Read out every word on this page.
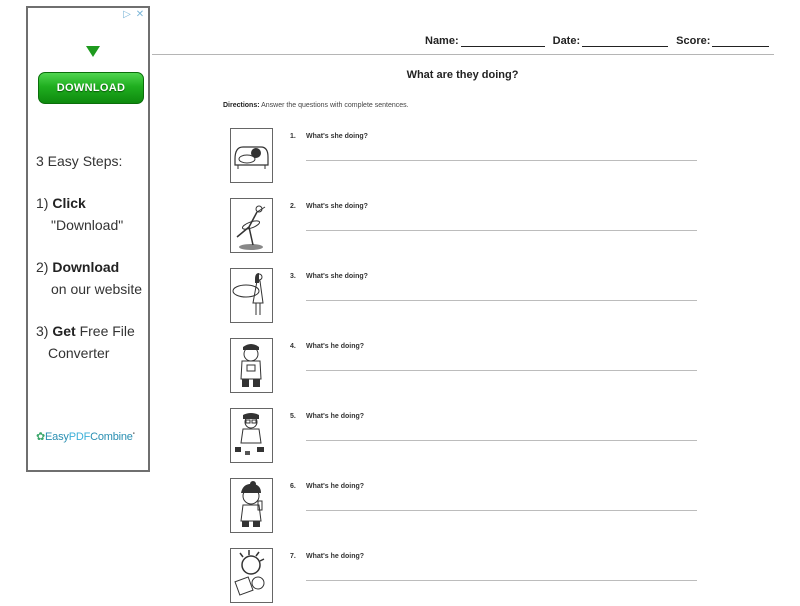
▷ ✕
DOWNLOAD
3 Easy Steps:
1) Click
"Download"
2) Download
on our website
3) Get Free File
Converter
✿EasyPDFCombine•
Name:	Date:	Score:
What are they doing?
Directions: Answer the questions with complete sentences.
1. What's she doing?
2. What's she doing?
3. What's she doing?
4. What's he doing?
5. What's he doing?
6. What's he doing?
7. What's he doing?
